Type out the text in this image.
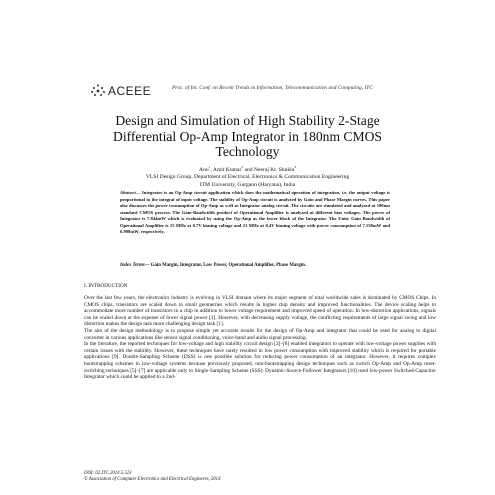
ACEEE	Proc. of Int. Conf. on Recent Trends in Information, Telecommunication and Computing, ITC
Design and Simulation of High Stability 2-Stage
Differential Op-Amp Integrator in 180nm CMOS
Technology
Anu$^1$, Amit Kumar$^2$ and Neeraj Kr. Shukla$^3$
VLSI Design Group, Department of Electrical, Electronics & Communication Engineering
ITM University, Gurgaon (Haryana), India
Abstract— Integrator is an Op-Amp circuit application which does the mathematical operation of integration, i.e. the output voltage is proportional to the integral of input voltage. The stability of Op-Amp circuit is analyzed by Gain and Phase Margin curves. This paper also discusses the power consumption of Op-Amp as well as Integrator analog circuit. The circuits are simulated and analyzed at 180nm standard CMOS process. The Gain-Bandwidth product of Operational Amplifier is analyzed at different bias voltages. The power of Integrator is 7.844mW which is evaluated by using the Op-Amp as the lower block of the Integrator. The Unity Gain Bandwidth of Operational Amplifier is 15 MHz at 0.7V biasing voltage and 21 MHz at 0.4V biasing voltage with power consumption of 7.158mW and 6.998mW, respectively.
Index Terms— Gain Margin, Integrator, Low Power, Operational Amplifier, Phase Margin.
I. INTRODUCTION

Over the last few years, the electronics industry is evolving in VLSI domain where its major segment of total worldwide sales is dominated by CMOS Chips. In CMOS chips, transistors are scaled down to small geometries which results in higher chip density and improved functionalities. The device scaling helps to accommodate more number of transistors in a chip in addition to lower voltage requirement and improved speed of operation. In low-distortion applications, signals can be scaled down at the expense of lower signal power [1]. However, with decreasing supply voltage, the conflicting requirements of large signal swing and low distortion makes the design task more challenging design task [1].

The aim of the design methodology is to propose simple yet accurate results for the design of Op-Amp and integrator that could be used for analog to digital converter in various applications like sensor signal conditioning, voice-band and audio signal processing.

In the literature, the reported techniques for low-voltage and high stability circuit design [2]–[8] enabled integrators to operate with low-voltage power supplies with certain issues with the stability. However, these techniques have rarely resulted in low power consumption with improved stability which is required for portable applications [9]. Double-Sampling Scheme (DSS) is one possible solution for reducing power consumption of an integrator. However, it requires complex bootstrapping schemes in low-voltage systems because previously proposed, non-bootstrapping design techniques such as switch Op-Amp and Op-Amp reset-switching techniques [5]–[7] are applicable only to Single-Sampling Scheme (SSS). Dynamic-Source-Follower Integrators [10] used low-power Switched-Capacitor Integrator which could be applied to a 2nd-

DOI: 02.ITC.2014.5.523
© Association of Computer Electronics and Electrical Engineers, 2014
